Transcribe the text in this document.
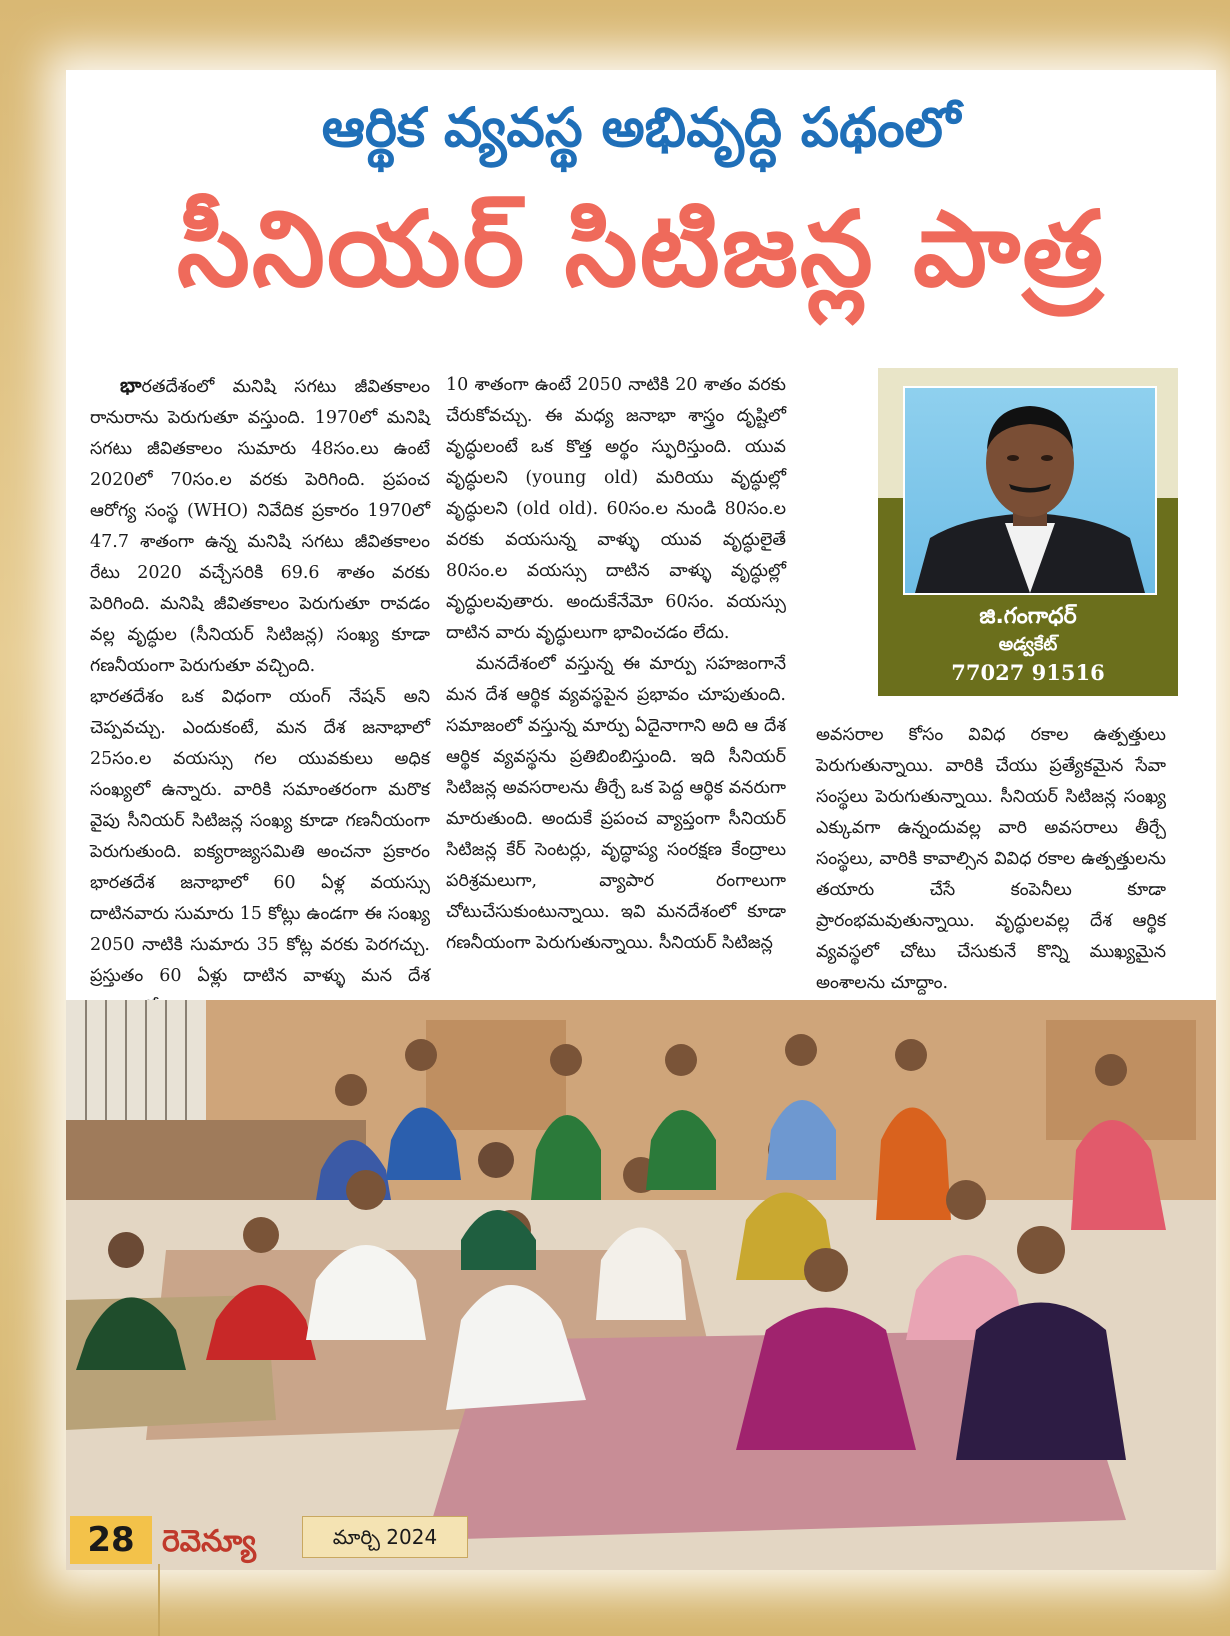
ఆర్థిక వ్యవస్థ అభివృద్ధి పథంలో
సీనియర్ సిటిజన్ల పాత్ర

భారతదేశంలో మనిషి సగటు జీవితకాలం రానురాను పెరుగుతూ వస్తుంది. 1970లో మనిషి సగటు జీవితకాలం సుమారు 48సం.లు ఉంటే 2020లో 70సం.ల వరకు పెరిగింది. ప్రపంచ ఆరోగ్య సంస్థ (WHO) నివేదిక ప్రకారం 1970లో 47.7 శాతంగా ఉన్న మనిషి సగటు జీవితకాలం రేటు 2020 వచ్చేసరికి 69.6 శాతం వరకు పెరిగింది. మనిషి జీవితకాలం పెరుగుతూ రావడం వల్ల వృద్ధుల (సీనియర్ సిటిజన్ల) సంఖ్య కూడా గణనీయంగా పెరుగుతూ వచ్చింది.

భారతదేశం ఒక విధంగా యంగ్ నేషన్ అని చెప్పవచ్చు. ఎందుకంటే, మన దేశ జనాభాలో 25సం.ల వయస్సు గల యువకులు అధిక సంఖ్యలో ఉన్నారు. వారికి సమాంతరంగా మరొక వైపు సీనియర్ సిటిజన్ల సంఖ్య కూడా గణనీయంగా పెరుగుతుంది. ఐక్యరాజ్యసమితి అంచనా ప్రకారం భారతదేశ జనాభాలో 60 ఏళ్ల వయస్సు దాటినవారు సుమారు 15 కోట్లు ఉండగా ఈ సంఖ్య 2050 నాటికి సుమారు 35 కోట్ల వరకు పెరగచ్చు. ప్రస్తుతం 60 ఏళ్లు దాటిన వాళ్ళు మన దేశ

10 శాతంగా ఉంటే 2050 నాటికి 20 శాతం వరకు చేరుకోవచ్చు. ఈ మధ్య జనాభా శాస్త్రం దృష్టిలో వృద్ధులంటే ఒక కొత్త అర్థం స్ఫురిస్తుంది. యువ వృద్ధులని (young old) మరియు వృద్ధుల్లో వృద్ధులని (old old). 60సం.ల నుండి 80సం.ల వరకు వయసున్న వాళ్ళు యువ వృద్ధులైతే 80సం.ల వయస్సు దాటిన వాళ్ళు వృద్ధుల్లో వృద్ధులవుతారు. అందుకేనేమో 60సం. వయస్సు దాటిన వారు వృద్ధులుగా భావించడం లేదు.

మనదేశంలో వస్తున్న ఈ మార్పు సహజంగానే మన దేశ ఆర్థిక వ్యవస్థపైన ప్రభావం చూపుతుంది. సమాజంలో వస్తున్న మార్పు ఏదైనాగాని అది ఆ దేశ ఆర్థిక వ్యవస్థను ప్రతిబింబిస్తుంది. ఇది సీనియర్ సిటిజన్ల అవసరాలను తీర్చే ఒక పెద్ద ఆర్థిక వనరుగా మారుతుంది. అందుకే ప్రపంచ వ్యాప్తంగా సీనియర్ సిటిజన్ల కేర్ సెంటర్లు, వృద్ధాప్య సంరక్షణ కేంద్రాలు పరిశ్రమలుగా, వ్యాపార రంగాలుగా చోటుచేసుకుంటున్నాయి. ఇవి మనదేశంలో కూడా గణనీయంగా పెరుగుతున్నాయి. సీనియర్ సిటిజన్ల

జి.గంగాధర్
అడ్వకేట్
77027 91516

అవసరాల కోసం వివిధ రకాల ఉత్పత్తులు పెరుగుతున్నాయి. వారికి చేయు ప్రత్యేకమైన సేవా సంస్థలు పెరుగుతున్నాయి. సీనియర్ సిటిజన్ల సంఖ్య ఎక్కువగా ఉన్నందువల్ల వారి అవసరాలు తీర్చే సంస్థలు, వారికి కావాల్సిన వివిధ రకాల ఉత్పత్తులను తయారు చేసే కంపెనీలు కూడా ప్రారంభమవుతున్నాయి. వృద్ధులవల్ల దేశ ఆర్థిక వ్యవస్థలో చోటు చేసుకునే కొన్ని ముఖ్యమైన అంశాలను చూద్దాం.

28 రెవెన్యూ	మార్చి 2024
